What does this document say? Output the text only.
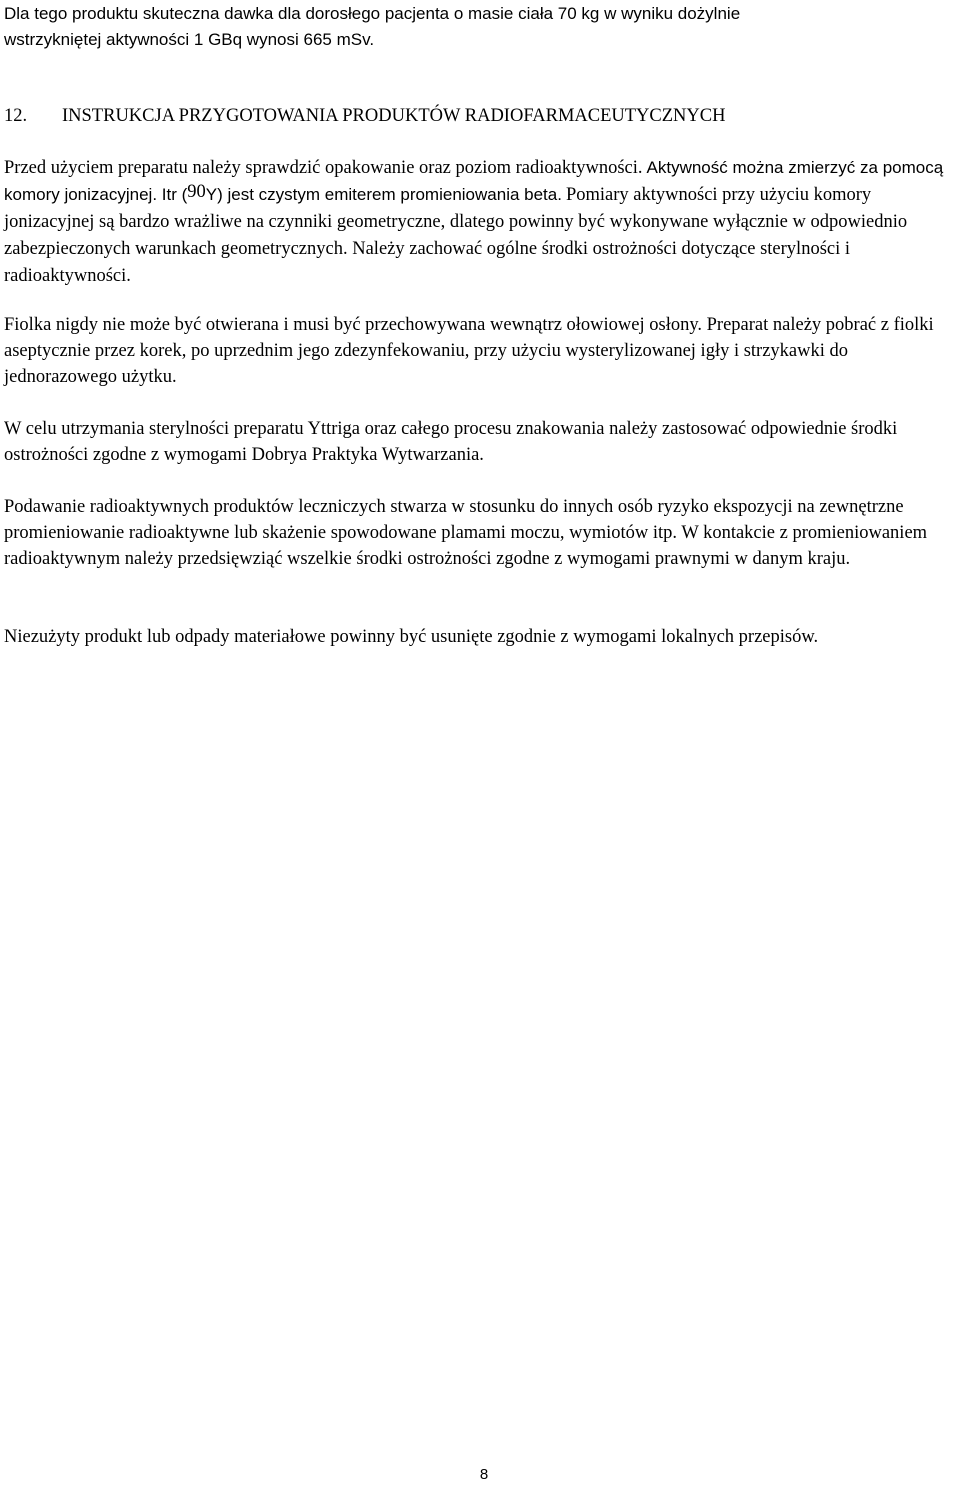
Dla tego produktu skuteczna dawka dla dorosłego pacjenta o masie ciała 70 kg w wyniku dożylnie
wstrzykniętej aktywności 1 GBq wynosi 665 mSv.

12. INSTRUKCJA PRZYGOTOWANIA PRODUKTÓW RADIOFARMACEUTYCZNYCH

Przed użyciem preparatu należy sprawdzić opakowanie oraz poziom radioaktywności. Aktywność można zmierzyć za pomocą komory jonizacyjnej. Itr ($^{90}$Y) jest czystym emiterem promieniowania beta. Pomiary aktywności przy użyciu komory jonizacyjnej są bardzo wrażliwe na czynniki geometryczne, dlatego powinny być wykonywane wyłącznie w odpowiednio zabezpieczonych warunkach geometrycznych. Należy zachować ogólne środki ostrożności dotyczące sterylności i radioaktywności.

Fiolka nigdy nie może być otwierana i musi być przechowywana wewnątrz ołowiowej osłony. Preparat należy pobrać z fiolki aseptycznie przez korek, po uprzednim jego zdezynfekowaniu, przy użyciu wysterylizowanej igły i strzykawki do jednorazowego użytku.

W celu utrzymania sterylności preparatu Yttriga oraz całego procesu znakowania należy zastosować odpowiednie środki ostrożności zgodne z wymogami Dobrya Praktyka Wytwarzania.

Podawanie radioaktywnych produktów leczniczych stwarza w stosunku do innych osób ryzyko ekspozycji na zewnętrzne promieniowanie radioaktywne lub skażenie spowodowane plamami moczu, wymiotów itp. W kontakcie z promieniowaniem radioaktywnym należy przedsięwziąć wszelkie środki ostrożności zgodne z wymogami prawnymi w danym kraju.

Niezużyty produkt lub odpady materiałowe powinny być usunięte zgodnie z wymogami lokalnych przepisów.

8
